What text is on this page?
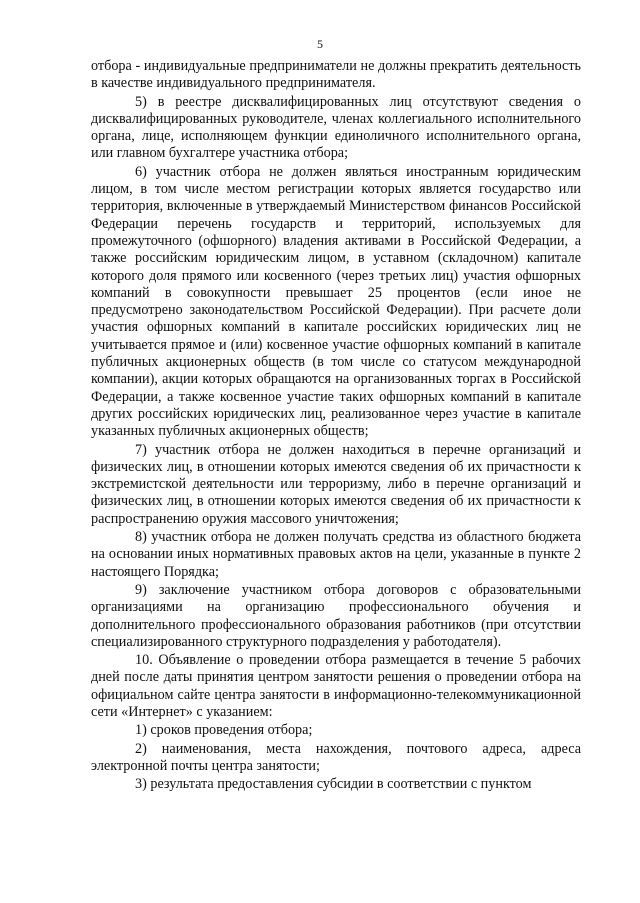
5

отбора - индивидуальные предприниматели не должны прекратить деятельность в качестве индивидуального предпринимателя.

5) в реестре дисквалифицированных лиц отсутствуют сведения о дисквалифицированных руководителе, членах коллегиального исполнительного органа, лице, исполняющем функции единоличного исполнительного органа, или главном бухгалтере участника отбора;

6) участник отбора не должен являться иностранным юридическим лицом, в том числе местом регистрации которых является государство или территория, включенные в утверждаемый Министерством финансов Российской Федерации перечень государств и территорий, используемых для промежуточного (офшорного) владения активами в Российской Федерации, а также российским юридическим лицом, в уставном (складочном) капитале которого доля прямого или косвенного (через третьих лиц) участия офшорных компаний в совокупности превышает 25 процентов (если иное не предусмотрено законодательством Российской Федерации). При расчете доли участия офшорных компаний в капитале российских юридических лиц не учитывается прямое и (или) косвенное участие офшорных компаний в капитале публичных акционерных обществ (в том числе со статусом международной компании), акции которых обращаются на организованных торгах в Российской Федерации, а также косвенное участие таких офшорных компаний в капитале других российских юридических лиц, реализованное через участие в капитале указанных публичных акционерных обществ;

7) участник отбора не должен находиться в перечне организаций и физических лиц, в отношении которых имеются сведения об их причастности к экстремистской деятельности или терроризму, либо в перечне организаций и физических лиц, в отношении которых имеются сведения об их причастности к распространению оружия массового уничтожения;

8) участник отбора не должен получать средства из областного бюджета на основании иных нормативных правовых актов на цели, указанные в пункте 2 настоящего Порядка;

9) заключение участником отбора договоров с образовательными организациями на организацию профессионального обучения и дополнительного профессионального образования работников (при отсутствии специализированного структурного подразделения у работодателя).

10. Объявление о проведении отбора размещается в течение 5 рабочих дней после даты принятия центром занятости решения о проведении отбора на официальном сайте центра занятости в информационно-телекоммуникационной сети «Интернет» с указанием:

1) сроков проведения отбора;

2) наименования, места нахождения, почтового адреса, адреса электронной почты центра занятости;

3) результата предоставления субсидии в соответствии с пунктом
